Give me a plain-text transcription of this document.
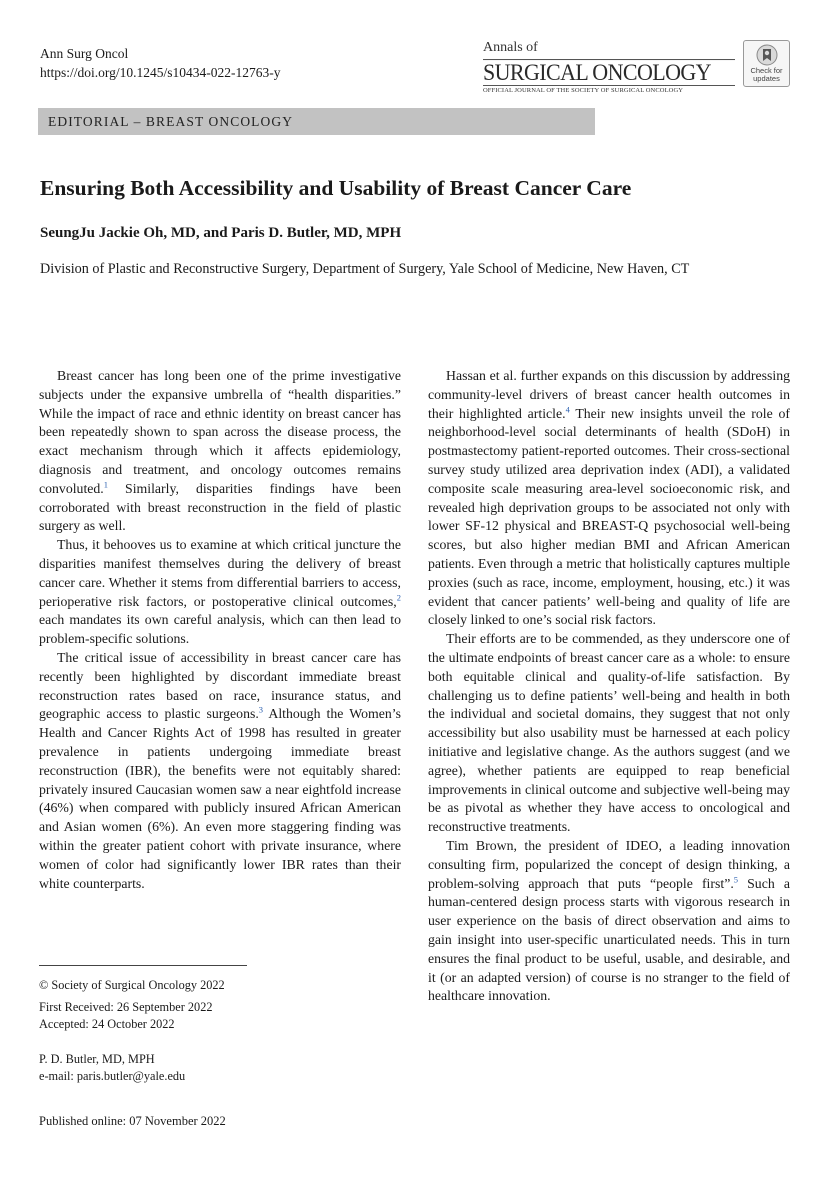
Ann Surg Oncol
https://doi.org/10.1245/s10434-022-12763-y
Annals of
SURGICAL ONCOLOGY
OFFICIAL JOURNAL OF THE SOCIETY OF SURGICAL ONCOLOGY
Check for
updates
EDITORIAL – BREAST ONCOLOGY
Ensuring Both Accessibility and Usability of Breast Cancer Care
SeungJu Jackie Oh, MD, and Paris D. Butler, MD, MPH
Division of Plastic and Reconstructive Surgery, Department of Surgery, Yale School of Medicine, New Haven, CT

Breast cancer has long been one of the prime investigative subjects under the expansive umbrella of “health disparities.” While the impact of race and ethnic identity on breast cancer has been repeatedly shown to span across the disease process, the exact mechanism through which it affects epidemiology, diagnosis and treatment, and oncology outcomes remains convoluted.$^1$ Similarly, disparities findings have been corroborated with breast reconstruction in the field of plastic surgery as well.

Thus, it behooves us to examine at which critical juncture the disparities manifest themselves during the delivery of breast cancer care. Whether it stems from differential barriers to access, perioperative risk factors, or postoperative clinical outcomes,$^2$ each mandates its own careful analysis, which can then lead to problem-specific solutions.

The critical issue of accessibility in breast cancer care has recently been highlighted by discordant immediate breast reconstruction rates based on race, insurance status, and geographic access to plastic surgeons.$^3$ Although the Women’s Health and Cancer Rights Act of 1998 has resulted in greater prevalence in patients undergoing immediate breast reconstruction (IBR), the benefits were not equitably shared: privately insured Caucasian women saw a near eightfold increase (46%) when compared with publicly insured African American and Asian women (6%). An even more staggering finding was within the greater patient cohort with private insurance, where women of color had significantly lower IBR rates than their white counterparts.

Hassan et al. further expands on this discussion by addressing community-level drivers of breast cancer health outcomes in their highlighted article.$^4$ Their new insights unveil the role of neighborhood-level social determinants of health (SDoH) in postmastectomy patient-reported outcomes. Their cross-sectional survey study utilized area deprivation index (ADI), a validated composite scale measuring area-level socioeconomic risk, and revealed high deprivation groups to be associated not only with lower SF-12 physical and BREAST-Q psychosocial well-being scores, but also higher median BMI and African American patients. Even through a metric that holistically captures multiple proxies (such as race, income, employment, housing, etc.) it was evident that cancer patients’ well-being and quality of life are closely linked to one’s social risk factors.

Their efforts are to be commended, as they underscore one of the ultimate endpoints of breast cancer care as a whole: to ensure both equitable clinical and quality-of-life satisfaction. By challenging us to define patients’ well-being and health in both the individual and societal domains, they suggest that not only accessibility but also usability must be harnessed at each policy initiative and legislative change. As the authors suggest (and we agree), whether patients are equipped to reap beneficial improvements in clinical outcome and subjective well-being may be as pivotal as whether they have access to oncological and reconstructive treatments.

Tim Brown, the president of IDEO, a leading innovation consulting firm, popularized the concept of design thinking, a problem-solving approach that puts “people first”.$^5$ Such a human-centered design process starts with vigorous research in user experience on the basis of direct observation and aims to gain insight into user-specific unarticulated needs. This in turn ensures the final product to be useful, usable, and desirable, and it (or an adapted version) of course is no stranger to the field of healthcare innovation.

© Society of Surgical Oncology 2022
First Received: 26 September 2022
Accepted: 24 October 2022
P. D. Butler, MD, MPH
e-mail: paris.butler@yale.edu
Published online: 07 November 2022
